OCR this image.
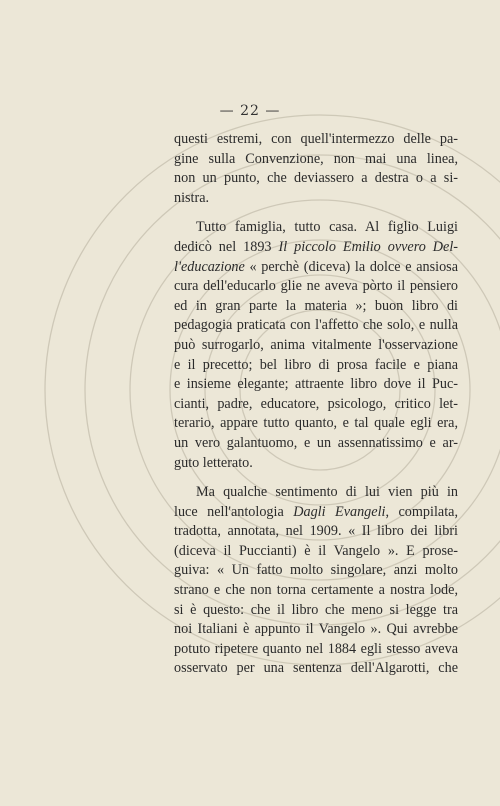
— 22 —
questi estremi, con quell'intermezzo delle pa-
gine sulla Convenzione, non mai una linea,
non un punto, che deviassero a destra o a si-
nistra.
Tutto famiglia, tutto casa. Al figlio Luigi
dedicò nel 1893 Il piccolo Emilio ovvero Del-
l'educazione « perchè (diceva) la dolce e ansiosa
cura dell'educarlo glie ne aveva pòrto il pensiero
ed in gran parte la materia »; buon libro di
pedagogia praticata con l'affetto che solo, e nulla
può surrogarlo, anima vitalmente l'osservazione
e il precetto; bel libro di prosa facile e piana
e insieme elegante; attraente libro dove il Puc-
cianti, padre, educatore, psicologo, critico let-
terario, appare tutto quanto, e tal quale egli era,
un vero galantuomo, e un assennatissimo e ar-
guto letterato.
Ma qualche sentimento di lui vien più in
luce nell'antologia Dagli Evangeli, compilata,
tradotta, annotata, nel 1909. « Il libro dei libri
(diceva il Puccianti) è il Vangelo ». E prose-
guiva: « Un fatto molto singolare, anzi molto
strano e che non torna certamente a nostra lode,
si è questo: che il libro che meno si legge tra
noi Italiani è appunto il Vangelo ». Qui avrebbe
potuto ripetere quanto nel 1884 egli stesso aveva
osservato per una sentenza dell'Algarotti, che
